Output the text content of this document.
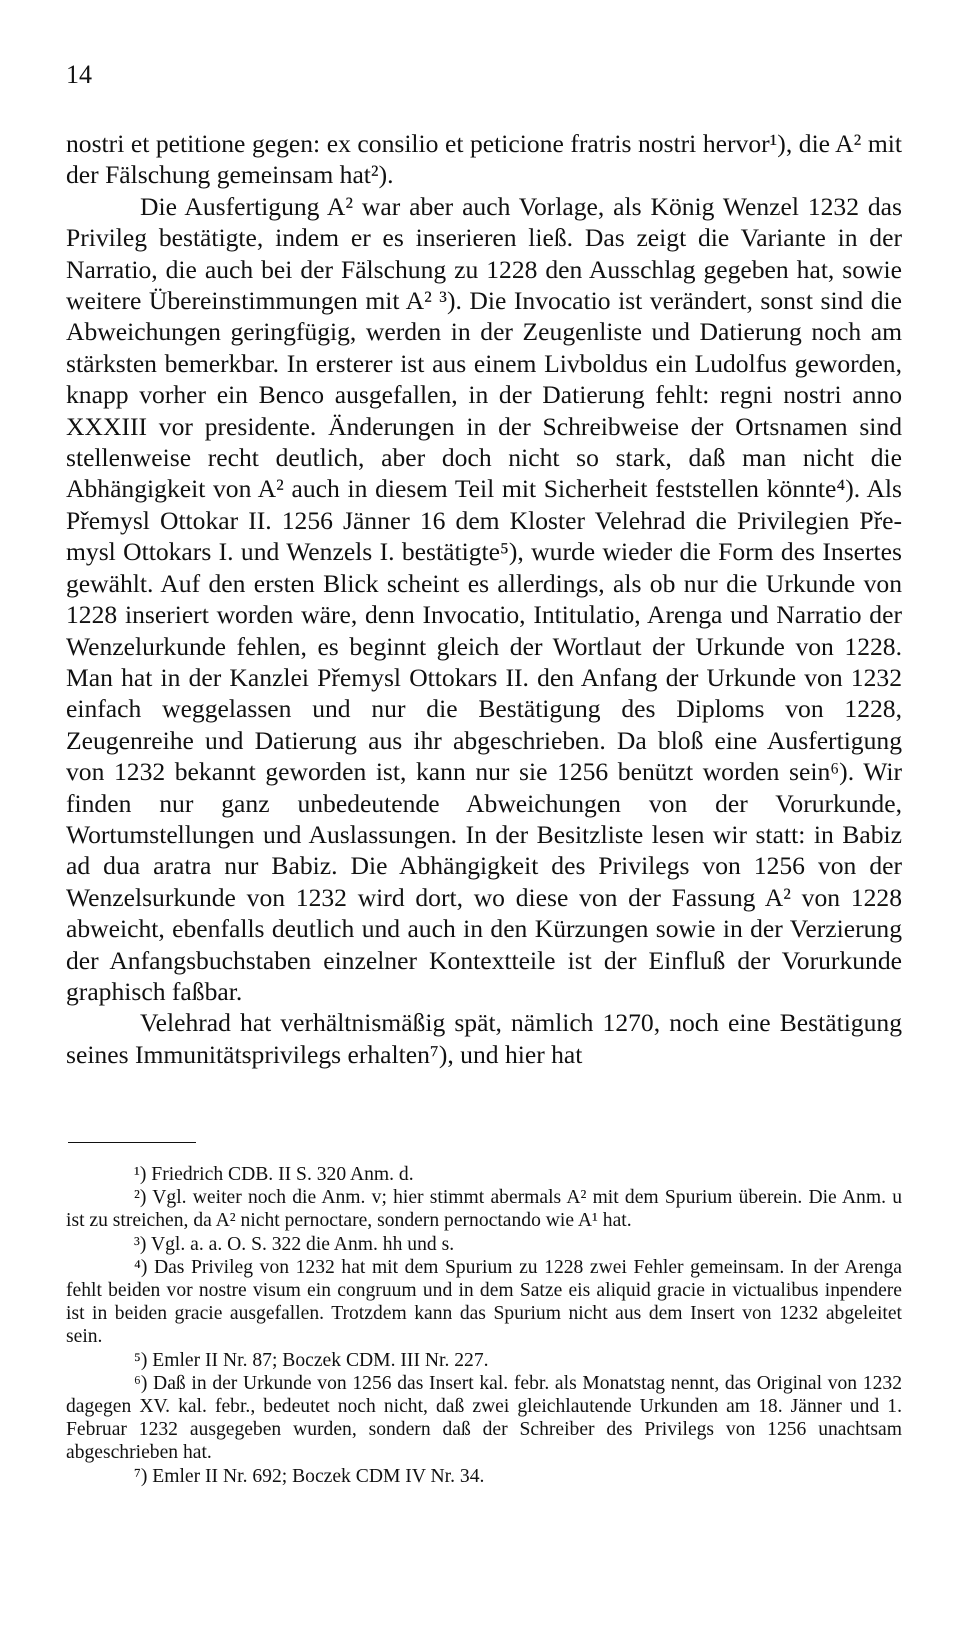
14

nostri et petitione gegen: ex consilio et peticione fratris nostri hervor¹), die A² mit der Fälschung gemeinsam hat²).

Die Ausfertigung A² war aber auch Vorlage, als König Wenzel 1232 das Privileg bestätigte, indem er es inserieren ließ. Das zeigt die Variante in der Narratio, die auch bei der Fälschung zu 1228 den Ausschlag gegeben hat, sowie weitere Übereinstimmungen mit A² ³). Die Invocatio ist verändert, sonst sind die Abweichungen geringfügig, werden in der Zeugenliste und Datierung noch am stärksten bemerkbar. In ersterer ist aus einem Livboldus ein Ludolfus geworden, knapp vorher ein Benco ausgefallen, in der Datierung fehlt: regni nostri anno XXXIII vor presidente. Änderungen in der Schreibweise der Ortsnamen sind stellenweise recht deutlich, aber doch nicht so stark, daß man nicht die Abhängigkeit von A² auch in diesem Teil mit Sicherheit feststellen könnte⁴). Als Přemysl Ottokar II. 1256 Jänner 16 dem Kloster Velehrad die Privilegien Přemysl Ottokars I. und Wenzels I. bestätigte⁵), wurde wieder die Form des Insertes gewählt. Auf den ersten Blick scheint es allerdings, als ob nur die Urkunde von 1228 inseriert worden wäre, denn Invocatio, Intitulatio, Arenga und Narratio der Wenzelurkunde fehlen, es beginnt gleich der Wortlaut der Urkunde von 1228. Man hat in der Kanzlei Přemysl Ottokars II. den Anfang der Urkunde von 1232 einfach weggelassen und nur die Bestätigung des Diploms von 1228, Zeugenreihe und Datierung aus ihr abgeschrieben. Da bloß eine Ausfertigung von 1232 bekannt geworden ist, kann nur sie 1256 benützt worden sein⁶). Wir finden nur ganz unbedeutende Abweichungen von der Vorurkunde, Wortumstellungen und Auslassungen. In der Besitzliste lesen wir statt: in Babiz ad dua aratra nur Babiz. Die Abhängigkeit des Privilegs von 1256 von der Wenzelsurkunde von 1232 wird dort, wo diese von der Fassung A² von 1228 abweicht, ebenfalls deutlich und auch in den Kürzungen sowie in der Verzierung der Anfangsbuchstaben einzelner Kontextteile ist der Einfluß der Vorurkunde graphisch faßbar.

Velehrad hat verhältnismäßig spät, nämlich 1270, noch eine Bestätigung seines Immunitätsprivilegs erhalten⁷), und hier hat

¹) Friedrich CDB. II S. 320 Anm. d.

²) Vgl. weiter noch die Anm. v; hier stimmt abermals A² mit dem Spurium überein. Die Anm. u ist zu streichen, da A² nicht pernoctare, sondern pernoctando wie A¹ hat.

³) Vgl. a. a. O. S. 322 die Anm. hh und s.

⁴) Das Privileg von 1232 hat mit dem Spurium zu 1228 zwei Fehler gemeinsam. In der Arenga fehlt beiden vor nostre visum ein congruum und in dem Satze eis aliquid gracie in victualibus inpendere ist in beiden gracie ausgefallen. Trotzdem kann das Spurium nicht aus dem Insert von 1232 abgeleitet sein.

⁵) Emler II Nr. 87; Boczek CDM. III Nr. 227.

⁶) Daß in der Urkunde von 1256 das Insert kal. febr. als Monatstag nennt, das Original von 1232 dagegen XV. kal. febr., bedeutet noch nicht, daß zwei gleichlautende Urkunden am 18. Jänner und 1. Februar 1232 ausgegeben wurden, sondern daß der Schreiber des Privilegs von 1256 unachtsam abgeschrieben hat.

⁷) Emler II Nr. 692; Boczek CDM IV Nr. 34.
